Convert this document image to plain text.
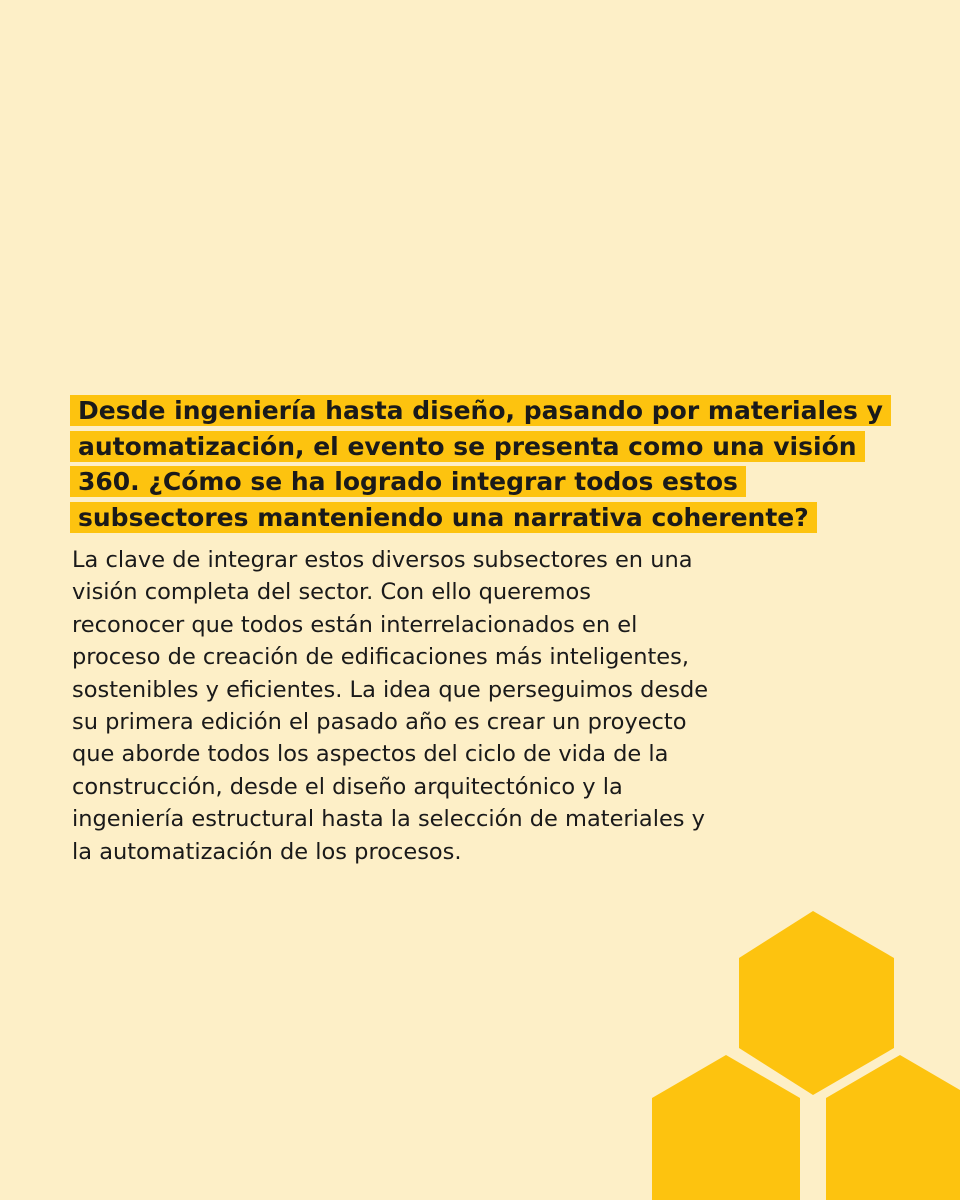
Desde ingeniería hasta diseño, pasando por materiales y
automatización, el evento se presenta como una visión
360. ¿Cómo se ha logrado integrar todos estos
subsectores manteniendo una narrativa coherente?
La clave de integrar estos diversos subsectores en una
visión completa del sector. Con ello queremos
reconocer que todos están interrelacionados en el
proceso de creación de edificaciones más inteligentes,
sostenibles y eficientes. La idea que perseguimos desde
su primera edición el pasado año es crear un proyecto
que aborde todos los aspectos del ciclo de vida de la
construcción, desde el diseño arquitectónico y la
ingeniería estructural hasta la selección de materiales y
la automatización de los procesos.
